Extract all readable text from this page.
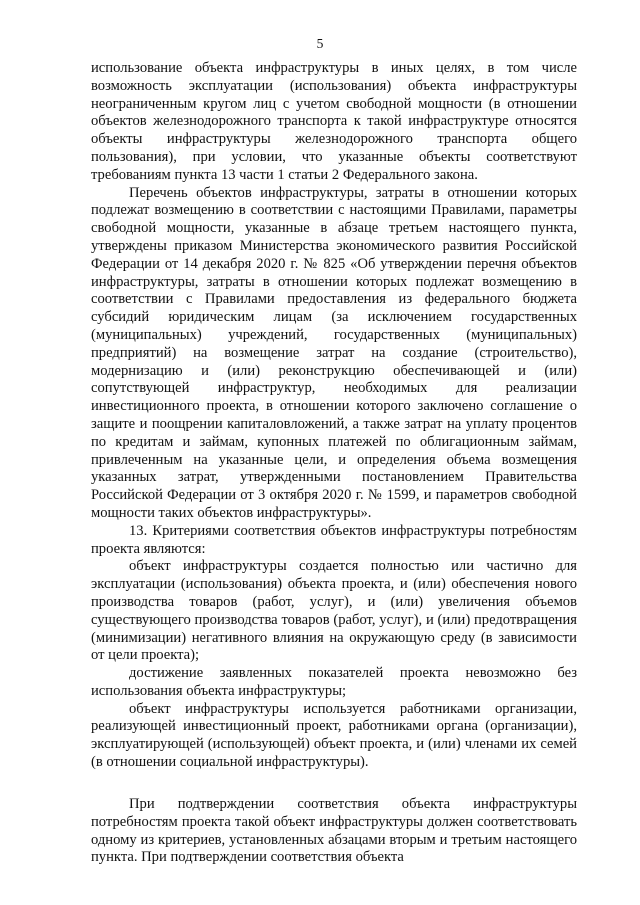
5

использование объекта инфраструктуры в иных целях, в том числе возможность эксплуатации (использования) объекта инфраструктуры неограниченным кругом лиц с учетом свободной мощности (в отношении объектов железнодорожного транспорта к такой инфраструктуре относятся объекты инфраструктуры железнодорожного транспорта общего пользования), при условии, что указанные объекты соответствуют требованиям пункта 13 части 1 статьи 2 Федерального закона.

Перечень объектов инфраструктуры, затраты в отношении которых подлежат возмещению в соответствии с настоящими Правилами, параметры свободной мощности, указанные в абзаце третьем настоящего пункта, утверждены приказом Министерства экономического развития Российской Федерации от 14 декабря 2020 г. № 825 «Об утверждении перечня объектов инфраструктуры, затраты в отношении которых подлежат возмещению в соответствии с Правилами предоставления из федерального бюджета субсидий юридическим лицам (за исключением государственных (муниципальных) учреждений, государственных (муниципальных) предприятий) на возмещение затрат на создание (строительство), модернизацию и (или) реконструкцию обеспечивающей и (или) сопутствующей инфраструктур, необходимых для реализации инвестиционного проекта, в отношении которого заключено соглашение о защите и поощрении капиталовложений, а также затрат на уплату процентов по кредитам и займам, купонных платежей по облигационным займам, привлеченным на указанные цели, и определения объема возмещения указанных затрат, утвержденными постановлением Правительства Российской Федерации от 3 октября 2020 г. № 1599, и параметров свободной мощности таких объектов инфраструктуры».

13. Критериями соответствия объектов инфраструктуры потребностям проекта являются:

объект инфраструктуры создается полностью или частично для эксплуатации (использования) объекта проекта, и (или) обеспечения нового производства товаров (работ, услуг), и (или) увеличения объемов существующего производства товаров (работ, услуг), и (или) предотвращения (минимизации) негативного влияния на окружающую среду (в зависимости от цели проекта);

достижение заявленных показателей проекта невозможно без использования объекта инфраструктуры;

объект инфраструктуры используется работниками организации, реализующей инвестиционный проект, работниками органа (организации), эксплуатирующей (использующей) объект проекта, и (или) членами их семей (в отношении социальной инфраструктуры).

При подтверждении соответствия объекта инфраструктуры потребностям проекта такой объект инфраструктуры должен соответствовать одному из критериев, установленных абзацами вторым и третьим настоящего пункта. При подтверждении соответствия объекта
